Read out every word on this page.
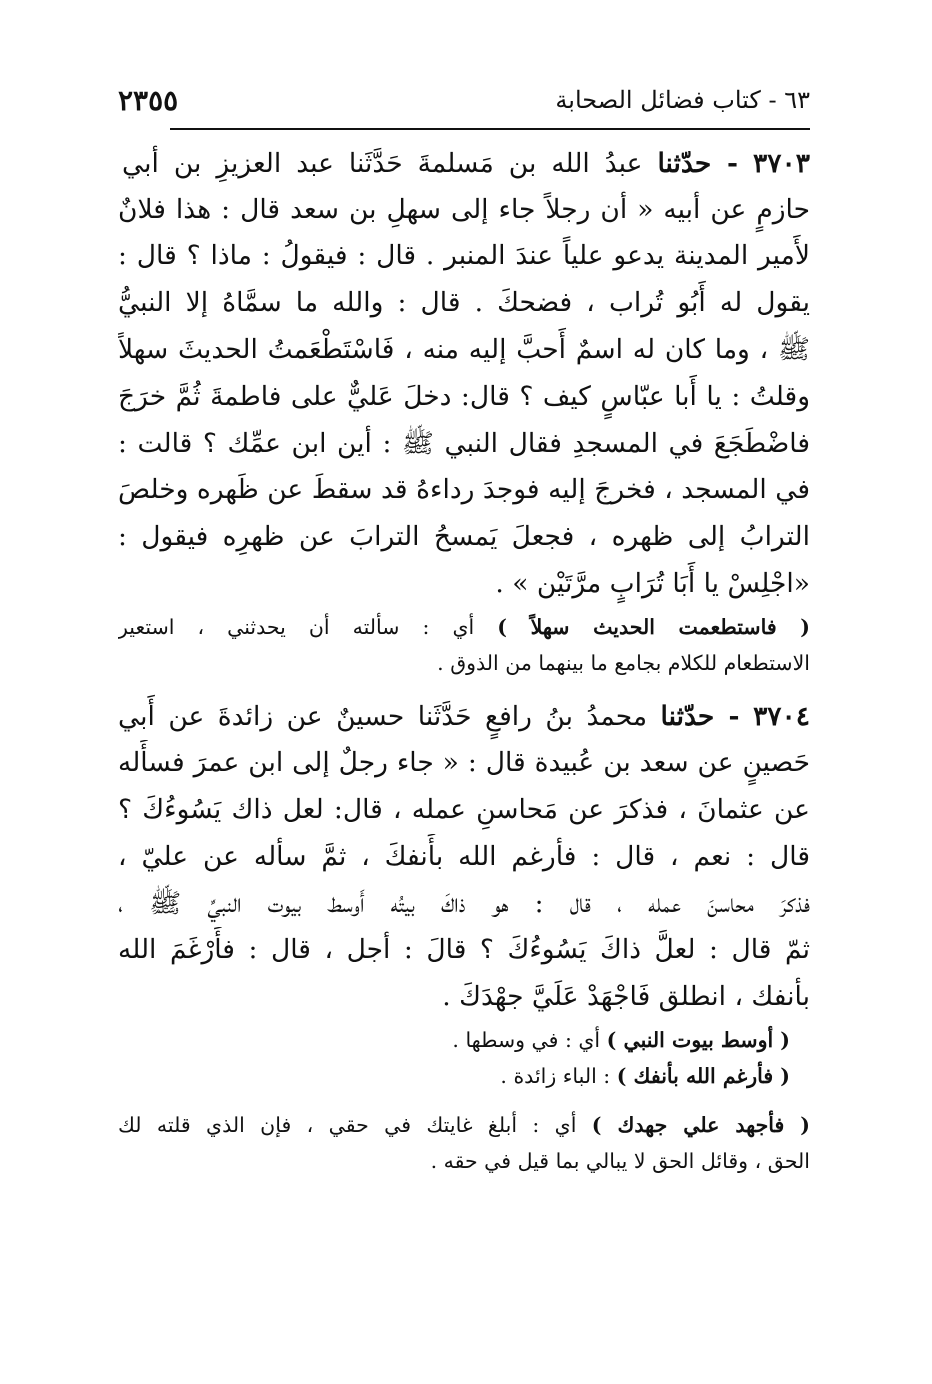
٦٣ - كتاب فضائل الصحابة
٢٣٥٥
٣٧٠٣ - حدّثنا عبدُ الله بن مَسلمةَ حَدَّثَنا عبد العزيزِ بن أبي
حازمٍ عن أبيه « أن رجلاً جاء إلى سهلِ بن سعد قال : هذا فلانٌ
لأَمير المدينة يدعو علياً عندَ المنبر . قال : فيقولُ : ماذا ؟ قال :
يقول له أَبُو تُراب ، فضحكَ . قال : والله ما سمَّاهُ إلا النبيُّ
ﷺ ، وما كان له اسمٌ أَحبَّ إليه منه ، فَاسْتَطْعَمتُ الحديثَ سهلاً
وقلتُ : يا أَبا عبّاسٍ كيف ؟ قال: دخلَ عَليٌّ على فاطمةَ ثُمَّ خرَجَ
فاضْطَجَعَ في المسجدِ فقال النبي ﷺ : أين ابن عمِّك ؟ قالت :
في المسجد ، فخرجَ إليه فوجدَ رداءهُ قد سقطَ عن ظَهره وخلصَ
الترابُ إلى ظهره ، فجعلَ يَمسحُ الترابَ عن ظهرِه فيقول :
«اجْلِسْ يا أَبَا تُرَابٍ مرَّتَيْن » .
( فاستطعمت الحديث سهلاً ) أي : سألته أن يحدثني ، استعير
الاستطعام للكلام بجامع ما بينهما من الذوق .
٣٧٠٤ - حدّثنا محمدُ بنُ رافعٍ حَدَّثَنا حسينٌ عن زائدةَ عن أَبي
حَصينٍ عن سعد بن عُبيدة قال : « جاء رجلٌ إلى ابن عمرَ فسأَله
عن عثمانَ ، فذكرَ عن مَحاسنِ عمله ، قال: لعل ذاك يَسُوءُكَ ؟
قال : نعم ، قال : فأرغم الله بأَنفكَ ، ثمَّ سأله عن عليّ ،
فذكرَ محاسنَ عمله ، قال : هو ذاكَ بيتُه أَوسط بيوت النبيِّ ﷺ ،
ثمّ قال : لعلَّ ذاكَ يَسُوءُكَ ؟ قالَ : أجل ، قال : فأَرْغَمَ الله
بأنفك ، انطلق فَاجْهَدْ عَلَيَّ جهْدَكَ .
( أوسط بيوت النبي ) أي : في وسطها .
( فأرغم الله بأنفك ) : الباء زائدة .
( فأجهد علي جهدك ) أي : أبلغ غايتك في حقي ، فإن الذي قلته لك
الحق ، وقائل الحق لا يبالي بما قيل في حقه .
